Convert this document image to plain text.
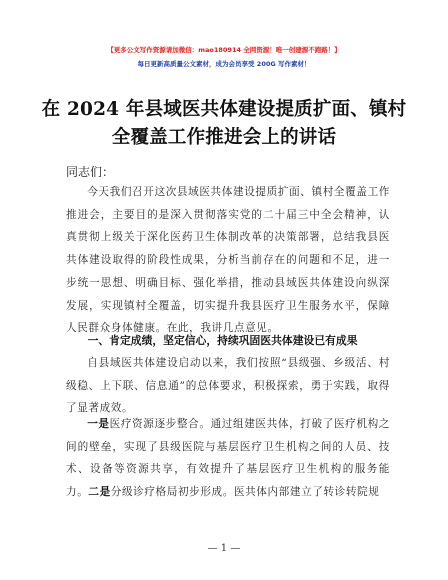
【更多公文写作资源请加微信：mao180914 全网资源！唯一创建源不跑路！】
每日更新高质量公文素材，成为会员享受 200G 写作素材！
在 2024 年县域医共体建设提质扩面、镇村全覆盖工作推进会上的讲话
同志们：
今天我们召开这次县域医共体建设提质扩面、镇村全覆盖工作推进会，主要目的是深入贯彻落实党的二十届三中全会精神，认真贯彻上级关于深化医药卫生体制改革的决策部署，总结我县医共体建设取得的阶段性成果，分析当前存在的问题和不足，进一步统一思想、明确目标、强化举措，推动县域医共体建设向纵深发展，实现镇村全覆盖，切实提升我县医疗卫生服务水平，保障人民群众身体健康。在此，我讲几点意见。
一、肯定成绩，坚定信心，持续巩固医共体建设已有成果
自县域医共体建设启动以来，我们按照“县级强、乡级活、村级稳、上下联、信息通”的总体要求，积极探索，勇于实践，取得了显著成效。
一是医疗资源逐步整合。通过组建医共体，打破了医疗机构之间的壁垒，实现了县级医院与基层医疗卫生机构之间的人员、技术、设备等资源共享，有效提升了基层医疗卫生机构的服务能力。二是分级诊疗格局初步形成。医共体内部建立了转诊转院规
— 1 —
